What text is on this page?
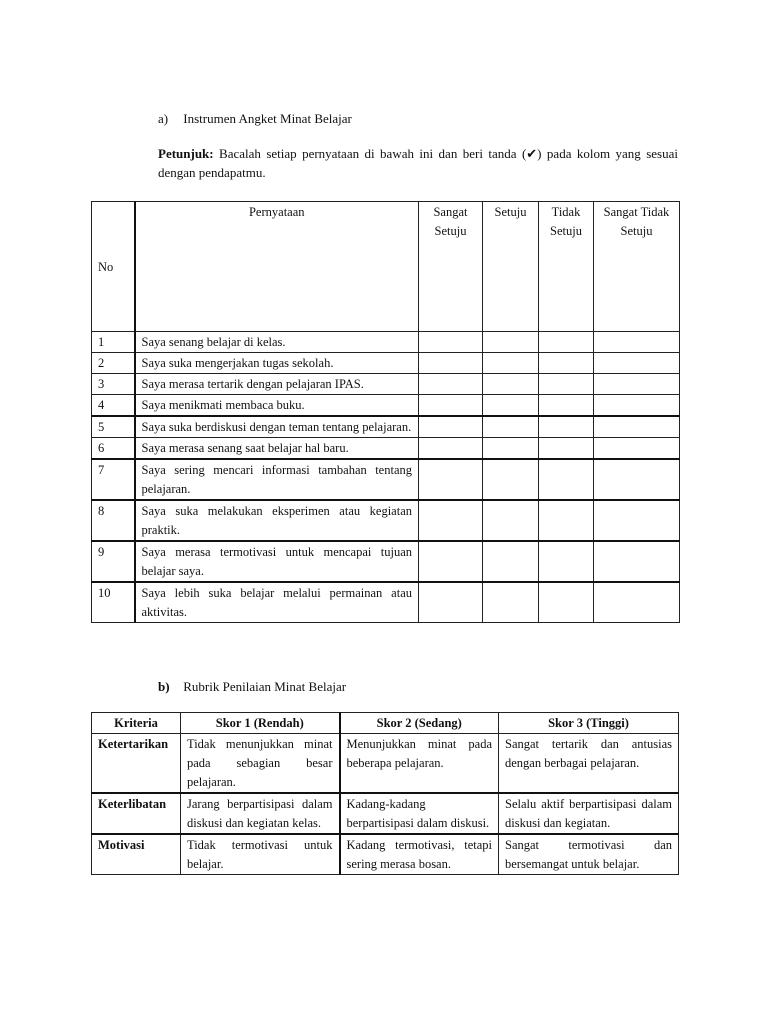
a) Instrumen Angket Minat Belajar
Petunjuk: Bacalah setiap pernyataan di bawah ini dan beri tanda (✔) pada kolom yang sesuai dengan pendapatmu.
No	Pernyataan	Sangat Setuju	Setuju	Tidak Setuju	Sangat Tidak Setuju
1	Saya senang belajar di kelas.				
2	Saya suka mengerjakan tugas sekolah.				
3	Saya merasa tertarik dengan pelajaran IPAS.				
4	Saya menikmati membaca buku.				
5	Saya suka berdiskusi dengan teman tentang pelajaran.				
6	Saya merasa senang saat belajar hal baru.				
7	Saya sering mencari informasi tambahan tentang pelajaran.				
8	Saya suka melakukan eksperimen atau kegiatan praktik.				
9	Saya merasa termotivasi untuk mencapai tujuan belajar saya.				
10	Saya lebih suka belajar melalui permainan atau aktivitas.				
b) Rubrik Penilaian Minat Belajar
Kriteria	Skor 1 (Rendah)	Skor 2 (Sedang)	Skor 3 (Tinggi)
Ketertarikan	Tidak menunjukkan minat pada sebagian besar pelajaran.	Menunjukkan minat pada beberapa pelajaran.	Sangat tertarik dan antusias dengan berbagai pelajaran.
Keterlibatan	Jarang berpartisipasi dalam diskusi dan kegiatan kelas.	Kadang-kadang berpartisipasi dalam diskusi.	Selalu aktif berpartisipasi dalam diskusi dan kegiatan.
Motivasi	Tidak termotivasi untuk belajar.	Kadang termotivasi, tetapi sering merasa bosan.	Sangat termotivasi dan bersemangat untuk belajar.
